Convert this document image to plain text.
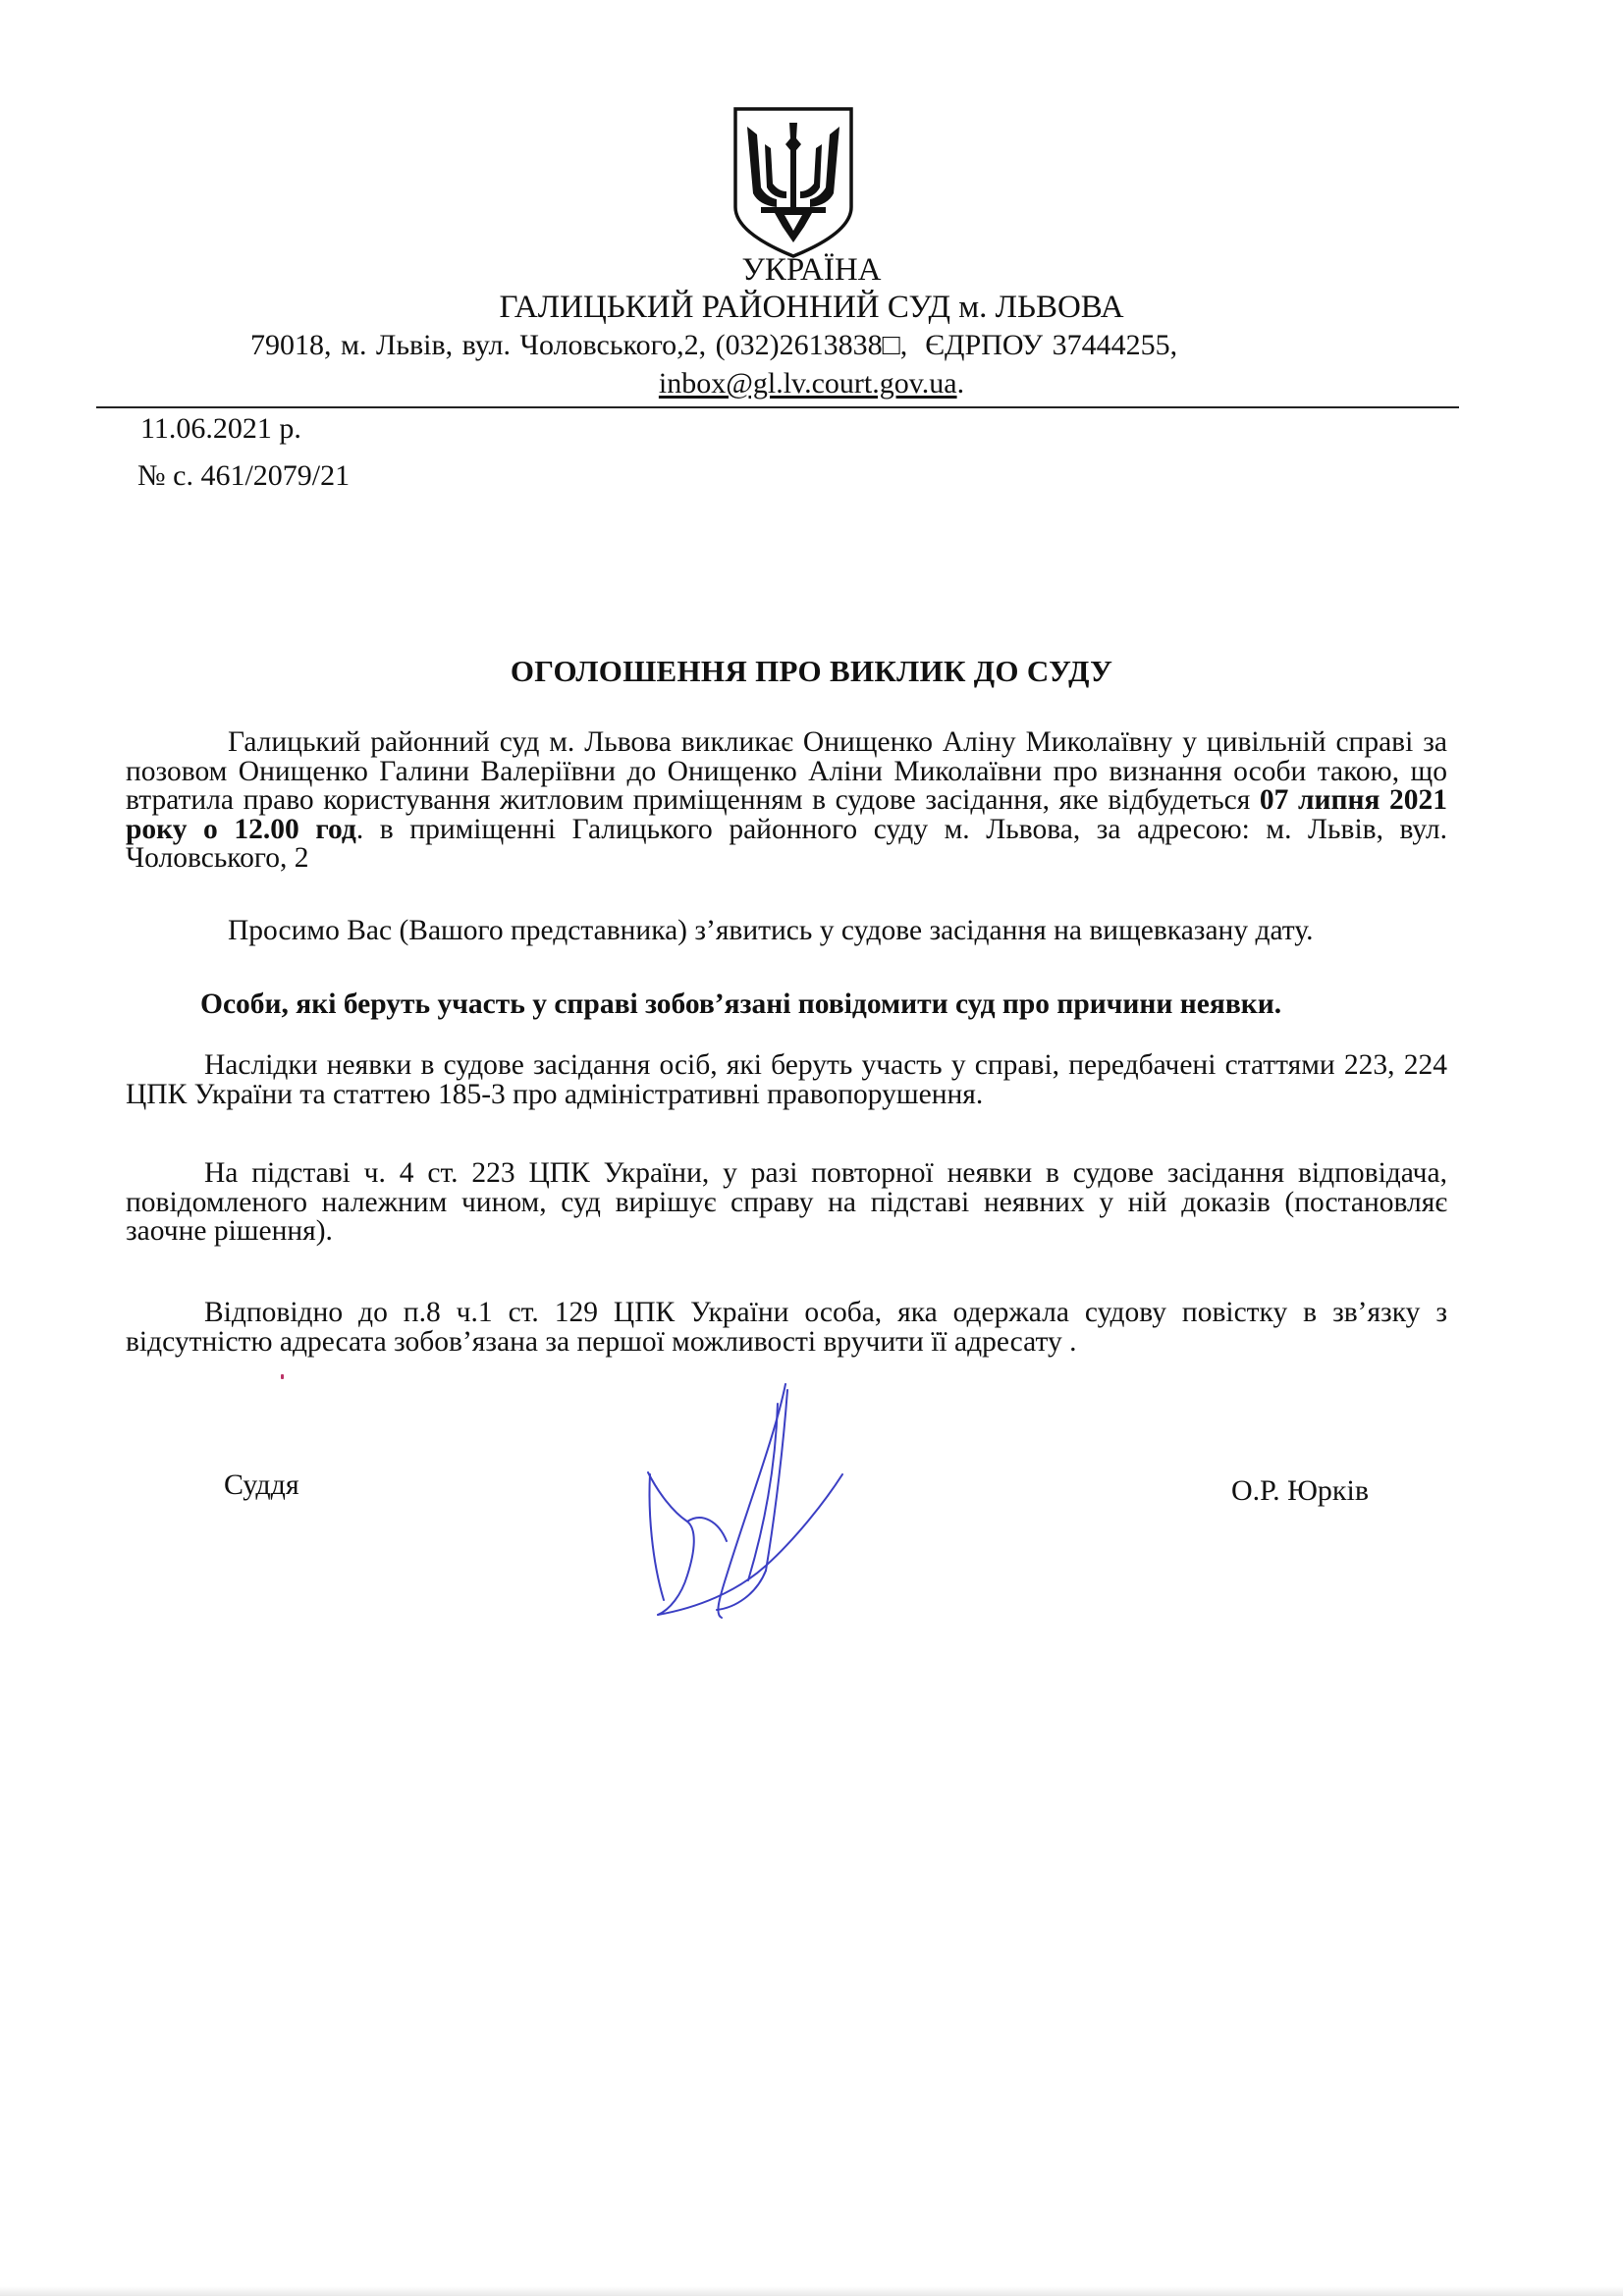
УКРАЇНА
ГАЛИЦЬКИЙ РАЙОННИЙ СУД м. ЛЬВОВА
79018, м. Львів, вул. Чоловського,2, (032)2613838□, ЄДРПОУ 37444255,
inbox@gl.lv.court.gov.ua.
11.06.2021 р.
№ с. 461/2079/21
ОГОЛОШЕННЯ ПРО ВИКЛИК ДО СУДУ
Галицький районний суд м. Львова викликає Онищенко Аліну Миколаївну у цивільній справі за позовом Онищенко Галини Валеріївни до Онищенко Аліни Миколаївни про визнання особи такою, що втратила право користування житловим приміщенням в судове засідання, яке відбудеться 07 липня 2021 року о 12.00 год. в приміщенні Галицького районного суду м. Львова, за адресою: м. Львів, вул. Чоловського, 2
Просимо Вас (Вашого представника) з’явитись у судове засідання на вищевказану дату.
Особи, які беруть участь у справі зобов’язані повідомити суд про причини неявки.
Наслідки неявки в судове засідання осіб, які беруть участь у справі, передбачені статтями 223, 224 ЦПК України та статтею 185-3 про адміністративні правопорушення.
На підставі ч. 4 ст. 223 ЦПК України, у разі повторної неявки в судове засідання відповідача, повідомленого належним чином, суд вирішує справу на підставі неявних у ній доказів (постановляє заочне рішення).
Відповідно до п.8 ч.1 ст. 129 ЦПК України особа, яка одержала судову повістку в зв’язку з відсутністю адресата зобов’язана за першої можливості вручити її адресату .
Суддя	О.Р. Юрків
